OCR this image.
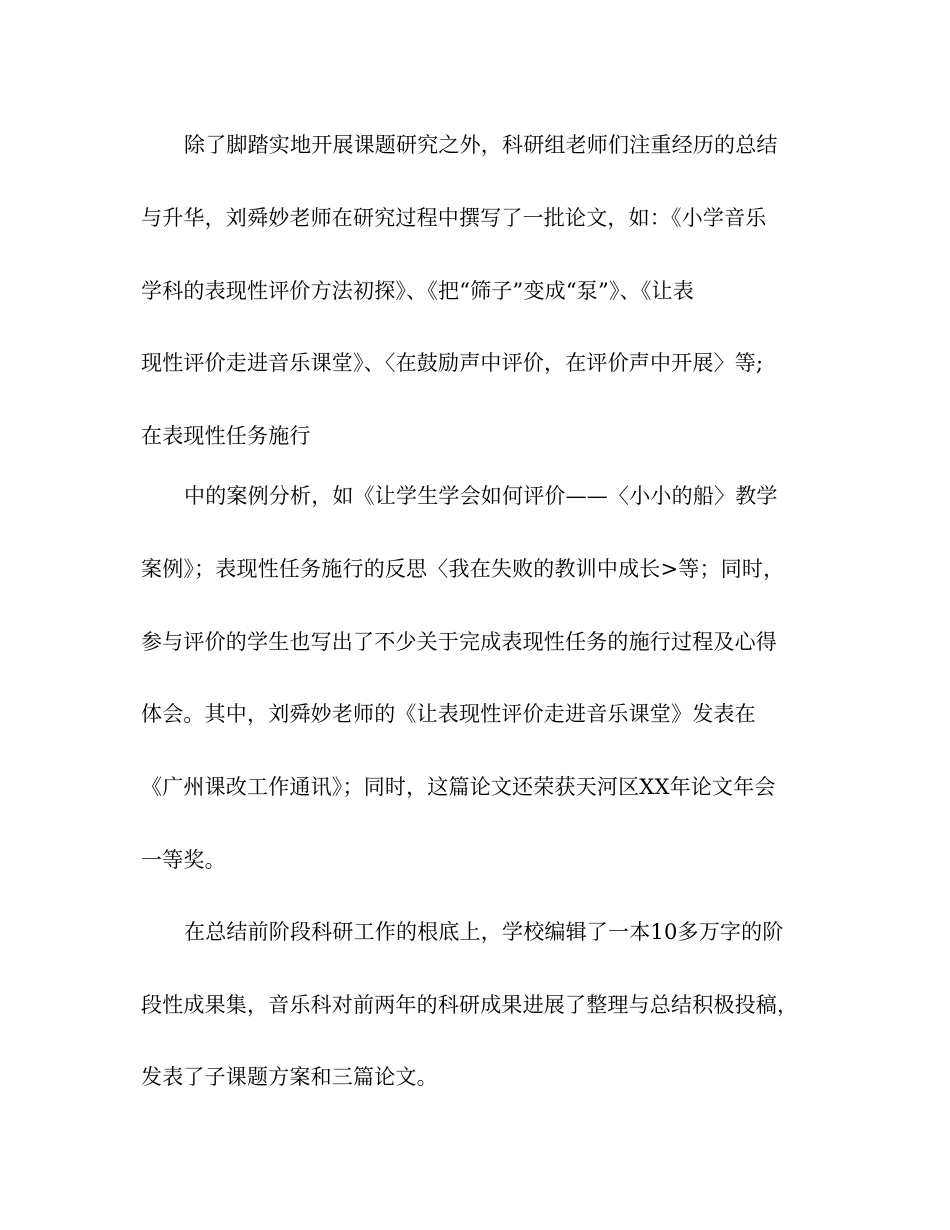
除了脚踏实地开展课题研究之外，科研组老师们注重经历的总结
与升华，刘舜妙老师在研究过程中撰写了一批论文，如：《小学音乐
学科的表现性评价方法初探》、《把“筛子”变成“泵”》、《让表
现性评价走进音乐课堂》、〈在鼓励声中评价，在评价声中开展〉等;
在表现性任务施行
中的案例分析，如《让学生学会如何评价——〈小小的船〉教学
案例》；表现性任务施行的反思〈我在失败的教训中成长>等；同时，
参与评价的学生也写出了不少关于完成表现性任务的施行过程及心得
体会。其中，刘舜妙老师的《让表现性评价走进音乐课堂》发表在
《广州课改工作通讯》；同时，这篇论文还荣获天河区XX年论文年会
一等奖。
在总结前阶段科研工作的根底上，学校编辑了一本10多万字的阶
段性成果集，音乐科对前两年的科研成果进展了整理与总结积极投稿，
发表了子课题方案和三篇论文。
